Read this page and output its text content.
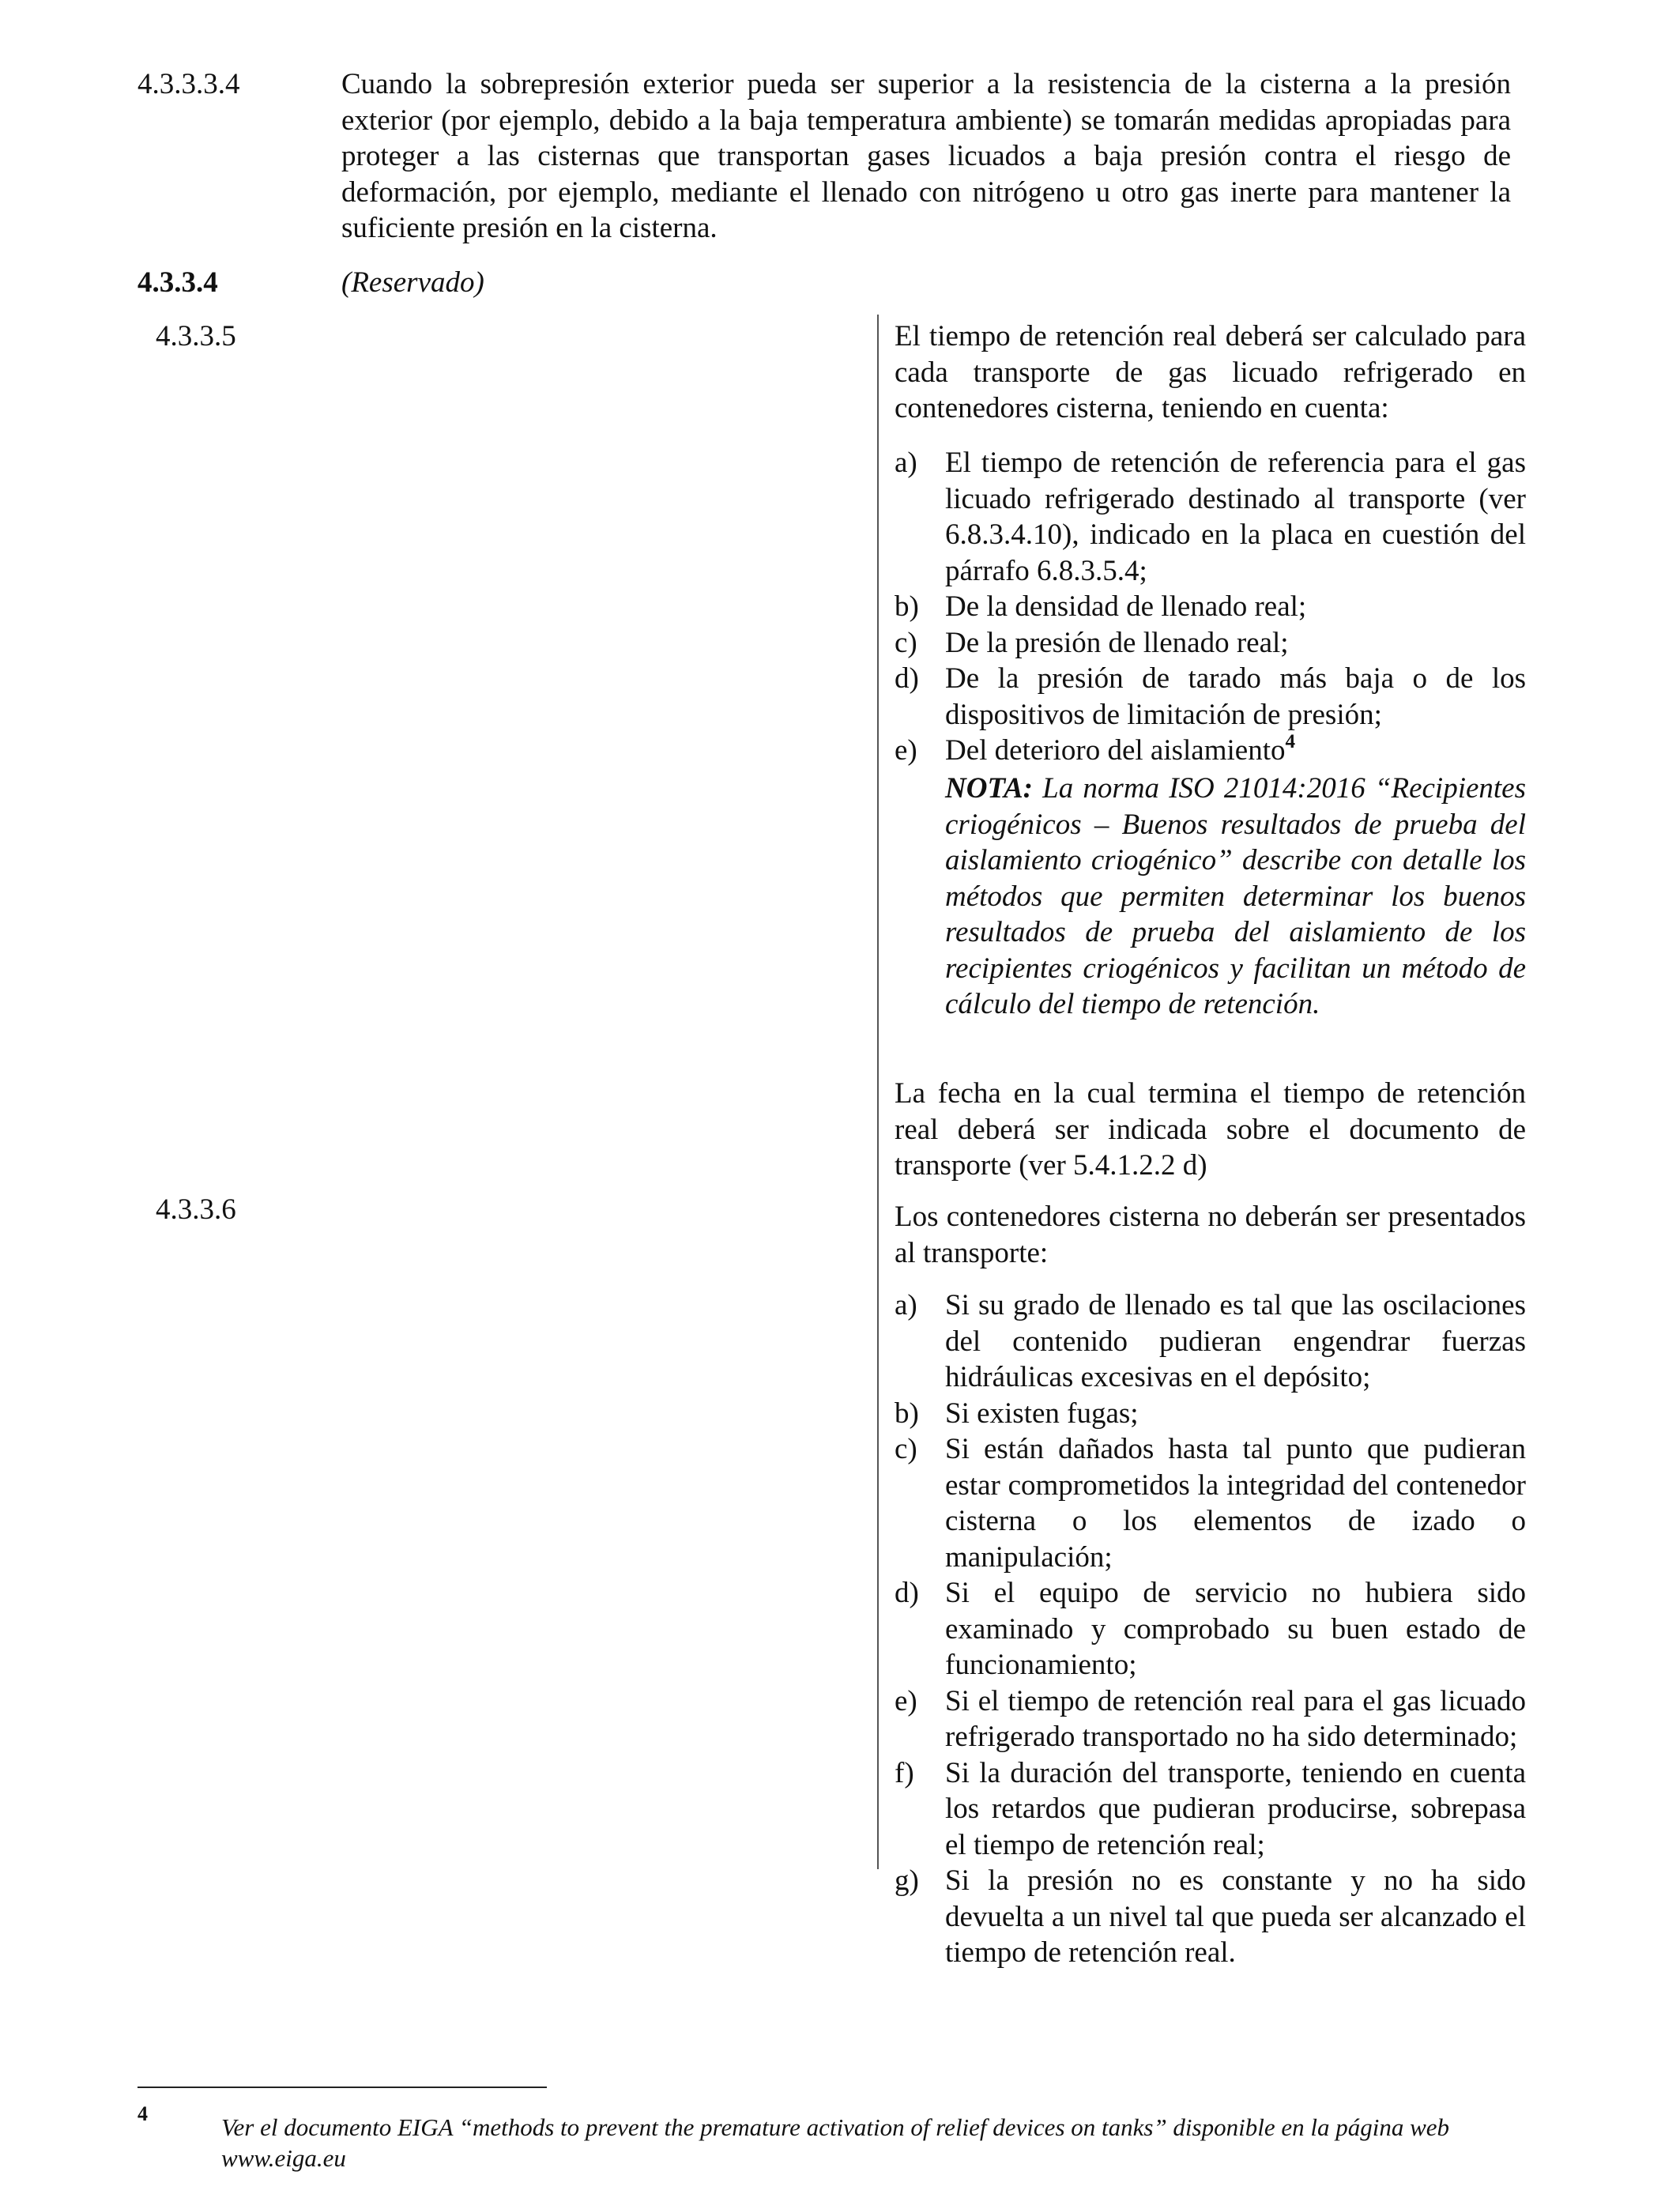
4.3.3.3.4	Cuando la sobrepresión exterior pueda ser superior a la resistencia de la cisterna a la presión exterior (por ejemplo, debido a la baja temperatura ambiente) se tomarán medidas apropiadas para proteger a las cisternas que transportan gases licuados a baja presión contra el riesgo de deformación, por ejemplo, mediante el llenado con nitrógeno u otro gas inerte para mantener la suficiente presión en la cisterna.
4.3.3.4	(Reservado)
4.3.3.5	El tiempo de retención real deberá ser calculado para cada transporte de gas licuado refrigerado en contenedores cisterna, teniendo en cuenta:
a) El tiempo de retención de referencia para el gas licuado refrigerado destinado al transporte (ver 6.8.3.4.10), indicado en la placa en cuestión del párrafo 6.8.3.5.4;
b) De la densidad de llenado real;
c) De la presión de llenado real;
d) De la presión de tarado más baja o de los dispositivos de limitación de presión;
e) Del deterioro del aislamiento$^4$
NOTA: La norma ISO 21014:2016 “Recipientes criogénicos – Buenos resultados de prueba del aislamiento criogénico” describe con detalle los métodos que permiten determinar los buenos resultados de prueba del aislamiento de los recipientes criogénicos y facilitan un método de cálculo del tiempo de retención.
La fecha en la cual termina el tiempo de retención real deberá ser indicada sobre el documento de transporte (ver 5.4.1.2.2 d)
4.3.3.6	Los contenedores cisterna no deberán ser presentados al transporte:
a) Si su grado de llenado es tal que las oscilaciones del contenido pudieran engendrar fuerzas hidráulicas excesivas en el depósito;
b) Si existen fugas;
c) Si están dañados hasta tal punto que pudieran estar comprometidos la integridad del contenedor cisterna o los elementos de izado o manipulación;
d) Si el equipo de servicio no hubiera sido examinado y comprobado su buen estado de funcionamiento;
e) Si el tiempo de retención real para el gas licuado refrigerado transportado no ha sido determinado;
f) Si la duración del transporte, teniendo en cuenta los retardos que pudieran producirse, sobrepasa el tiempo de retención real;
g) Si la presión no es constante y no ha sido devuelta a un nivel tal que pueda ser alcanzado el tiempo de retención real.
4	Ver el documento EIGA “methods to prevent the premature activation of relief devices on tanks” disponible en la página web www.eiga.eu
